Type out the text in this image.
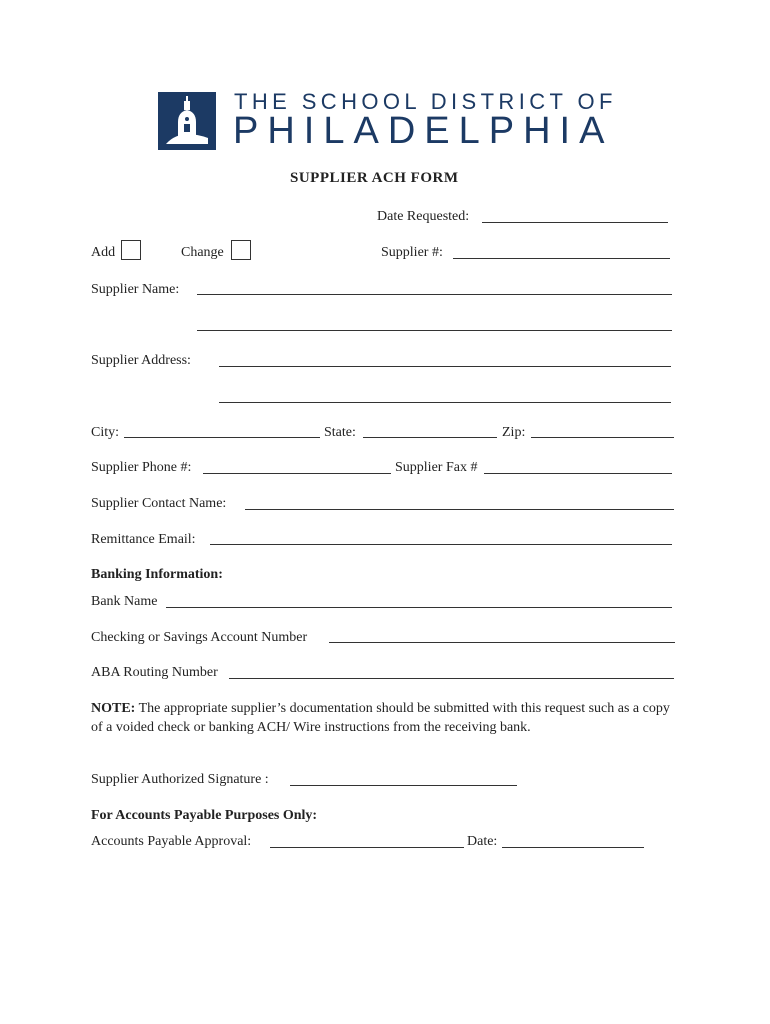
THE SCHOOL DISTRICT OF
PHILADELPHIA
SUPPLIER ACH FORM
Date Requested:
Add	Change	Supplier #:
Supplier Name:
Supplier Address:
City:	State:	Zip:
Supplier Phone #:	Supplier Fax #
Supplier Contact Name:
Remittance Email:
Banking Information:
Bank Name
Checking or Savings Account Number
ABA Routing Number
NOTE: The appropriate supplier’s documentation should be submitted with this request such as a copy of a voided check or banking ACH/ Wire instructions from the receiving bank.
Supplier Authorized Signature :
For Accounts Payable Purposes Only:
Accounts Payable Approval:	Date:
